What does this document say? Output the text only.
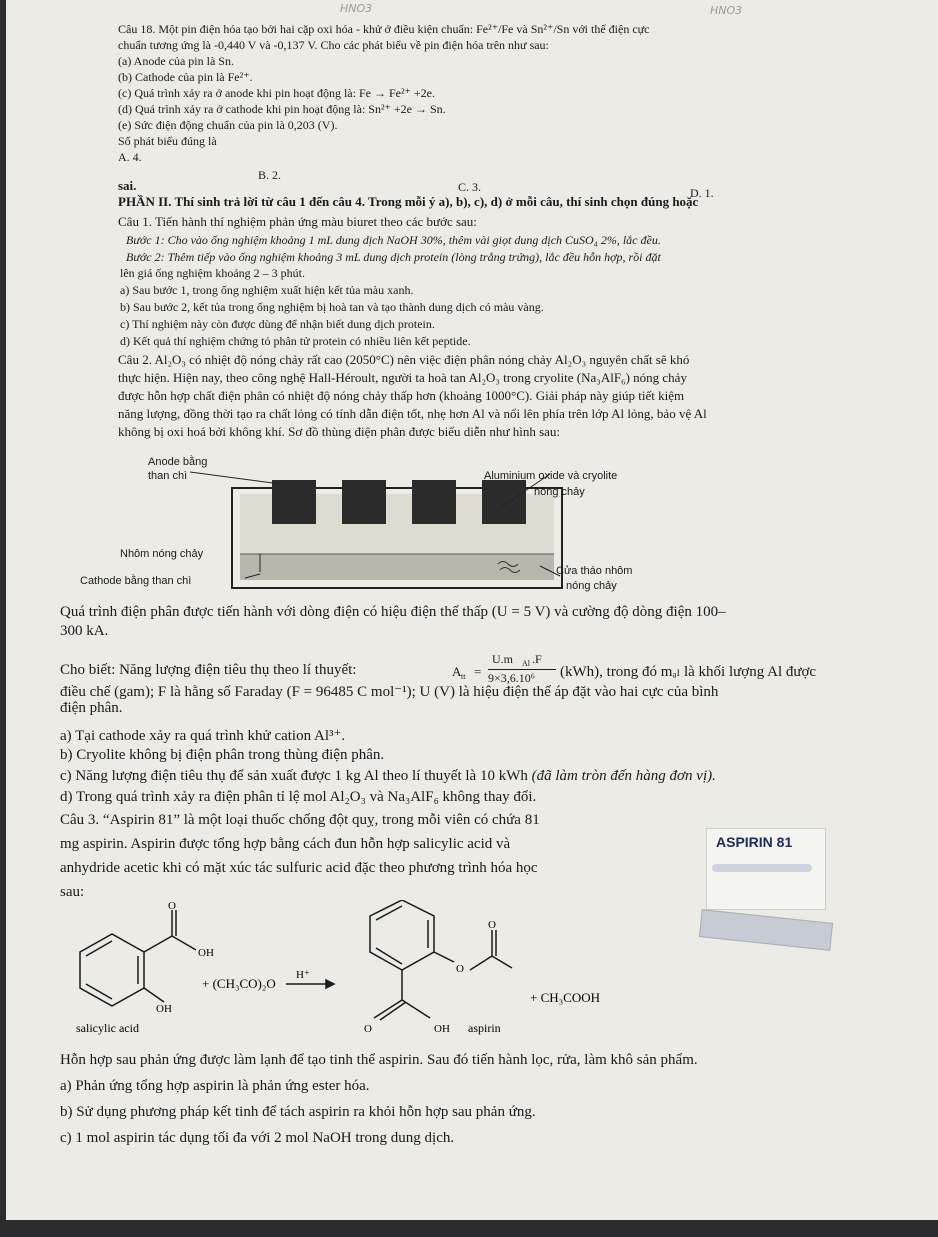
HNO3	HNO3
Câu 18. Một pin điện hóa tạo bởi hai cặp oxi hóa - khử ở điều kiện chuẩn: Fe²⁺/Fe và Sn²⁺/Sn với thế điện cực
chuẩn tương ứng là -0,440 V và -0,137 V. Cho các phát biểu về pin điện hóa trên như sau:
(a) Anode của pin là Sn.
(b) Cathode của pin là Fe²⁺.
(c) Quá trình xảy ra ở anode khi pin hoạt động là: Fe → Fe²⁺ +2e.
(d) Quá trình xảy ra ở cathode khi pin hoạt động là: Sn²⁺ +2e → Sn.
(e) Sức điện động chuẩn của pin là 0,203 (V).
Số phát biểu đúng là
A. 4.
B. 2.
C. 3.	D. 1.
PHẦN II. Thí sinh trả lời từ câu 1 đến câu 4. Trong mỗi ý a), b), c), d) ở mỗi câu, thí sinh chọn đúng hoặc
sai.
Câu 1. Tiến hành thí nghiệm phản ứng màu biuret theo các bước sau:
Bước 1: Cho vào ống nghiệm khoảng 1 mL dung dịch NaOH 30%, thêm vài giọt dung dịch CuSO₄ 2%, lắc đều.
Bước 2: Thêm tiếp vào ống nghiệm khoảng 3 mL dung dịch protein (lòng trắng trứng), lắc đều hỗn hợp, rồi đặt
lên giá ống nghiệm khoảng 2 – 3 phút.
a) Sau bước 1, trong ống nghiệm xuất hiện kết tủa màu xanh.
b) Sau bước 2, kết tủa trong ống nghiệm bị hoà tan và tạo thành dung dịch có màu vàng.
c) Thí nghiệm này còn được dùng để nhận biết dung dịch protein.
d) Kết quả thí nghiệm chứng tỏ phân tử protein có nhiều liên kết peptide.
Câu 2. Al₂O₃ có nhiệt độ nóng chảy rất cao (2050°C) nên việc điện phân nóng chảy Al₂O₃ nguyên chất sẽ khó
thực hiện. Hiện nay, theo công nghệ Hall-Héroult, người ta hoà tan Al₂O₃ trong cryolite (Na₃AlF₆) nóng chảy
được hỗn hợp chất điện phân có nhiệt độ nóng chảy thấp hơn (khoảng 1000°C). Giải pháp này giúp tiết kiệm
năng lượng, đồng thời tạo ra chất lỏng có tính dẫn điện tốt, nhẹ hơn Al và nổi lên phía trên lớp Al lỏng, bảo vệ Al
không bị oxi hoá bởi không khí. Sơ đồ thùng điện phân được biểu diễn như hình sau:
Anode bằng
than chì	Aluminium oxide và cryolite
nóng chảy
Nhôm nóng chảy
Cathode bằng than chì
Cửa tháo nhôm
nóng chảy
Quá trình điện phân được tiến hành với dòng điện có hiệu điện thế thấp (U = 5 V) và cường độ dòng điện 100–
300 kA.
Cho biết: Năng lượng điện tiêu thụ theo lí thuyết:	A tt =
U.m Al .F
9×3,6.10⁶ (kWh), trong đó mₐₗ là khối lượng Al được
điều chế (gam); F là hằng số Faraday (F = 96485 C mol⁻¹); U (V) là hiệu điện thế áp đặt vào hai cực của bình
điện phân.
a) Tại cathode xảy ra quá trình khử cation Al³⁺.
b) Cryolite không bị điện phân trong thùng điện phân.
c) Năng lượng điện tiêu thụ để sản xuất được 1 kg Al theo lí thuyết là 10 kWh (đã làm tròn đến hàng đơn vị).
d) Trong quá trình xảy ra điện phân tỉ lệ mol Al₂O₃ và Na₃AlF₆ không thay đổi.
Câu 3. “Aspirin 81” là một loại thuốc chống đột quỵ, trong mỗi viên có chứa 81
mg aspirin. Aspirin được tổng hợp bằng cách đun hỗn hợp salicylic acid và
anhydride acetic khi có mặt xúc tác sulfuric acid đặc theo phương trình hóa học
sau:
ASPIRIN 81
O
OH
OH
+ (CH₃CO)₂O
H⁺	O
O
O	OH
+ CH₃COOH
salicylic acid	aspirin
Hỗn hợp sau phản ứng được làm lạnh để tạo tinh thể aspirin. Sau đó tiến hành lọc, rửa, làm khô sản phẩm.
a) Phản ứng tổng hợp aspirin là phản ứng ester hóa.
b) Sử dụng phương pháp kết tinh để tách aspirin ra khỏi hỗn hợp sau phản ứng.
c) 1 mol aspirin tác dụng tối đa với 2 mol NaOH trong dung dịch.
